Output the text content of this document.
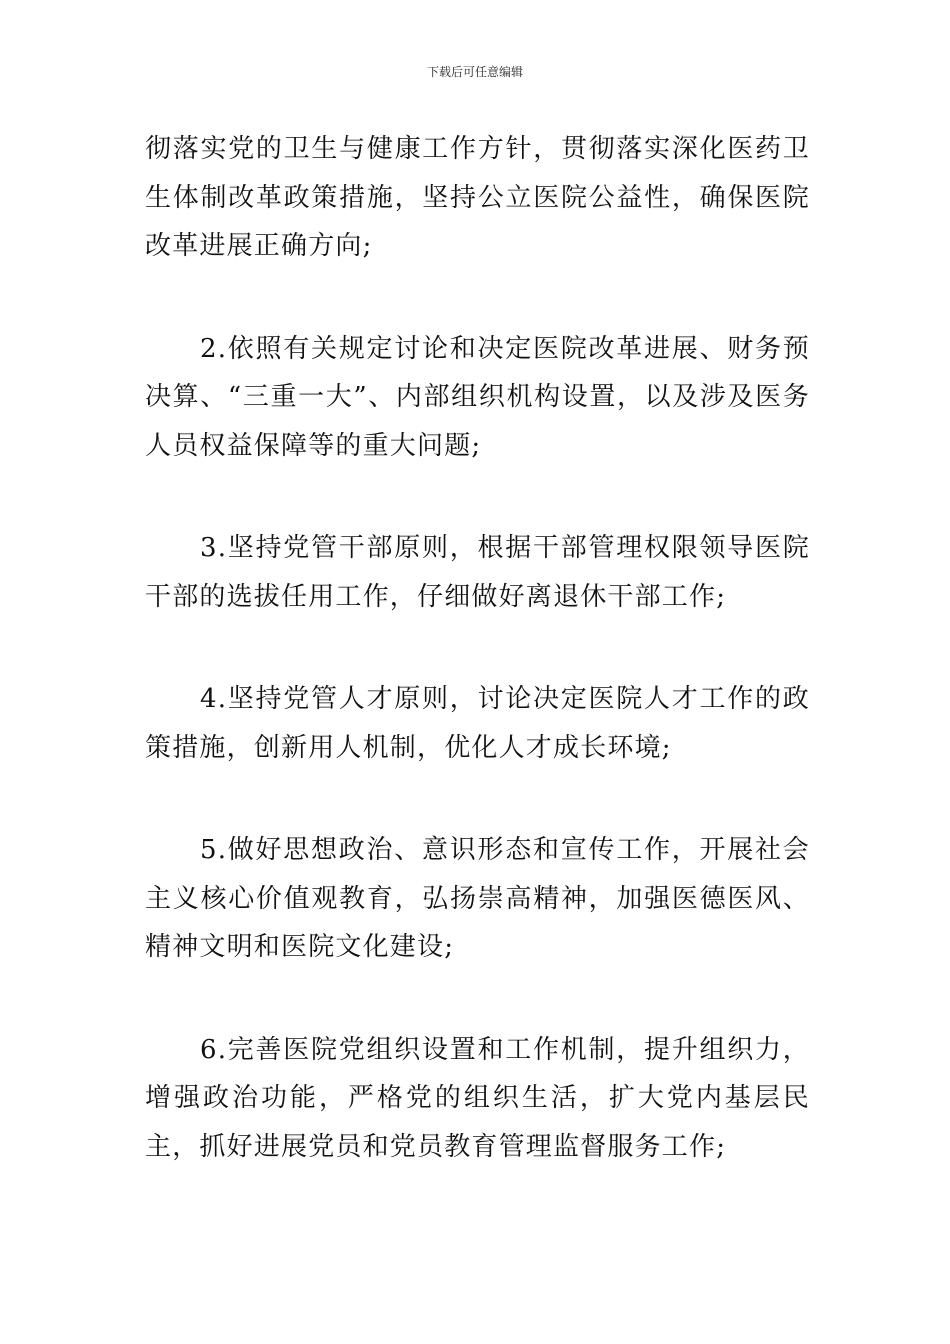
下载后可任意编辑

彻落实党的卫生与健康工作方针，贯彻落实深化医药卫生体制改革政策措施，坚持公立医院公益性，确保医院改革进展正确方向;

2.依照有关规定讨论和决定医院改革进展、财务预决算、“三重一大”、内部组织机构设置，以及涉及医务人员权益保障等的重大问题;

3.坚持党管干部原则，根据干部管理权限领导医院干部的选拔任用工作，仔细做好离退休干部工作;

4.坚持党管人才原则，讨论决定医院人才工作的政策措施，创新用人机制，优化人才成长环境;

5.做好思想政治、意识形态和宣传工作，开展社会主义核心价值观教育，弘扬崇高精神，加强医德医风、精神文明和医院文化建设;

6.完善医院党组织设置和工作机制，提升组织力，增强政治功能，严格党的组织生活，扩大党内基层民主，抓好进展党员和党员教育管理监督服务工作;
